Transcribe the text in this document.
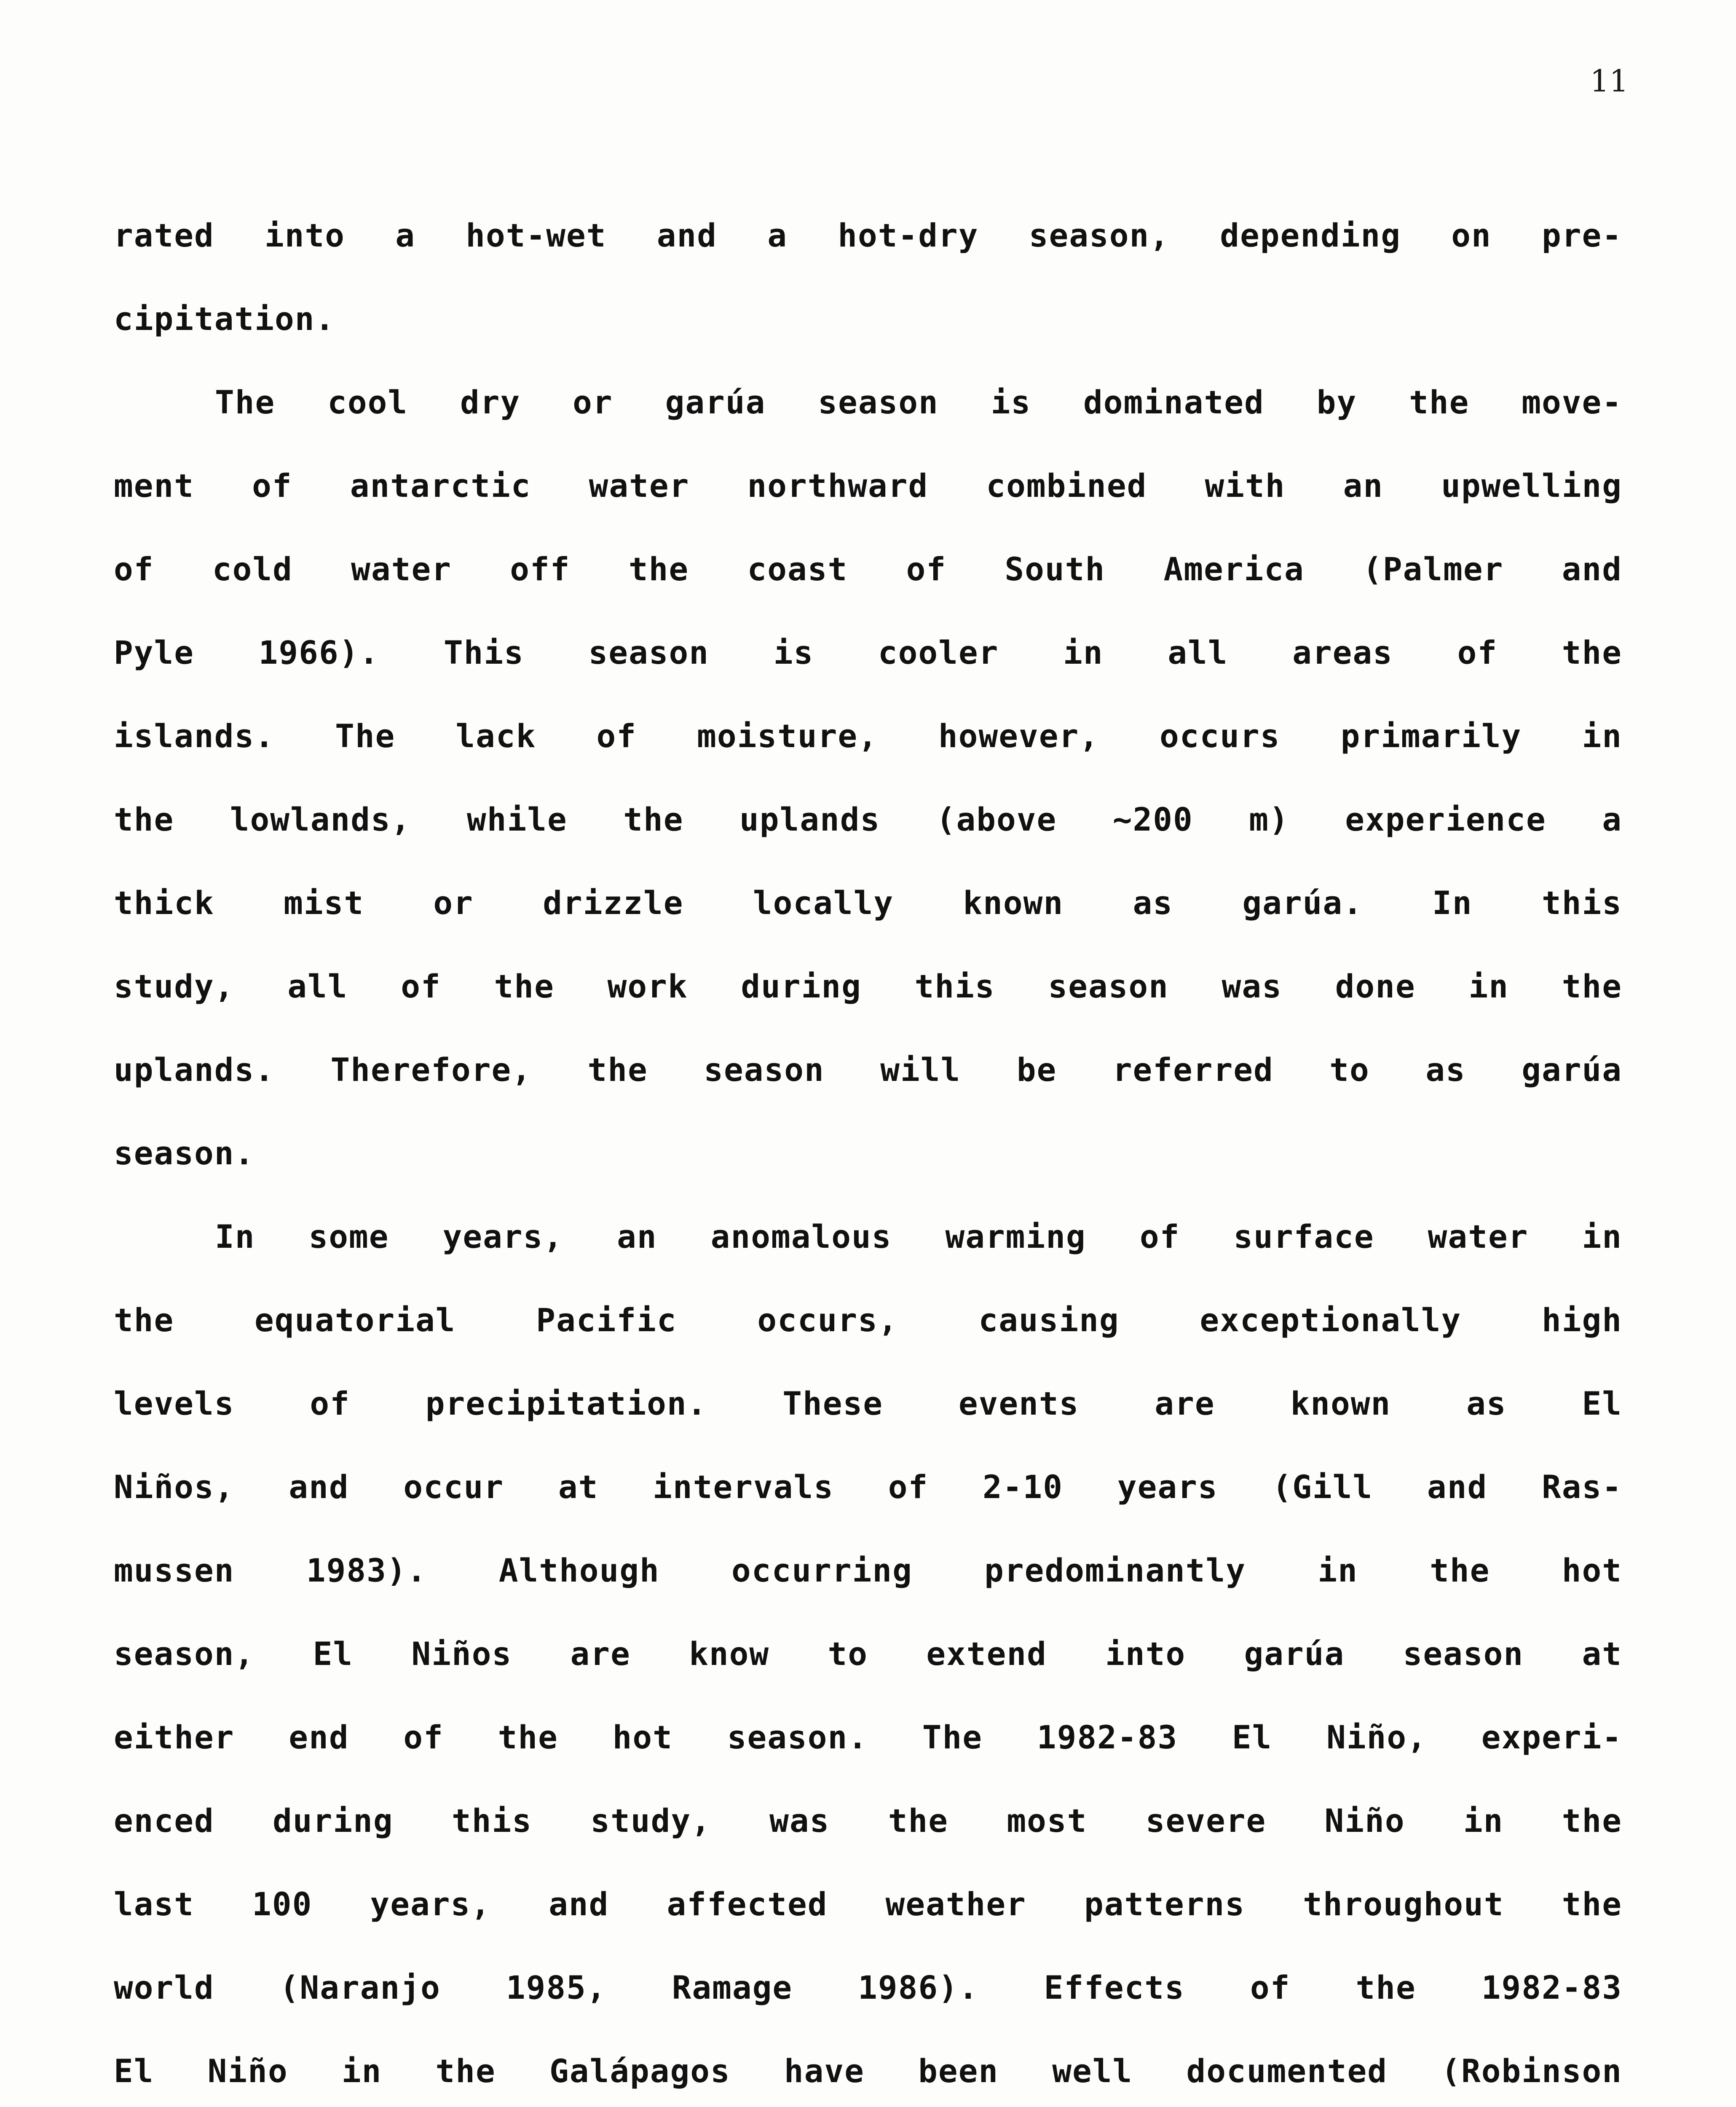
11
rated into a hot-wet and a hot-dry season, depending on pre-
cipitation.
The cool dry or garúa season is dominated by the move-
ment of antarctic water northward combined with an upwelling
of cold water off the coast of South America (Palmer and
Pyle 1966). This season is cooler in all areas of the
islands. The lack of moisture, however, occurs primarily in
the lowlands, while the uplands (above ~200 m) experience a
thick mist or drizzle locally known as garúa. In this
study, all of the work during this season was done in the
uplands. Therefore, the season will be referred to as garúa
season.
In some years, an anomalous warming of surface water in
the equatorial Pacific occurs, causing exceptionally high
levels of precipitation. These events are known as El
Niños, and occur at intervals of 2-10 years (Gill and Ras-
mussen 1983). Although occurring predominantly in the hot
season, El Niños are know to extend into garúa season at
either end of the hot season. The 1982-83 El Niño, experi-
enced during this study, was the most severe Niño in the
last 100 years, and affected weather patterns throughout the
world (Naranjo 1985, Ramage 1986). Effects of the 1982-83
El Niño in the Galápagos have been well documented (Robinson
